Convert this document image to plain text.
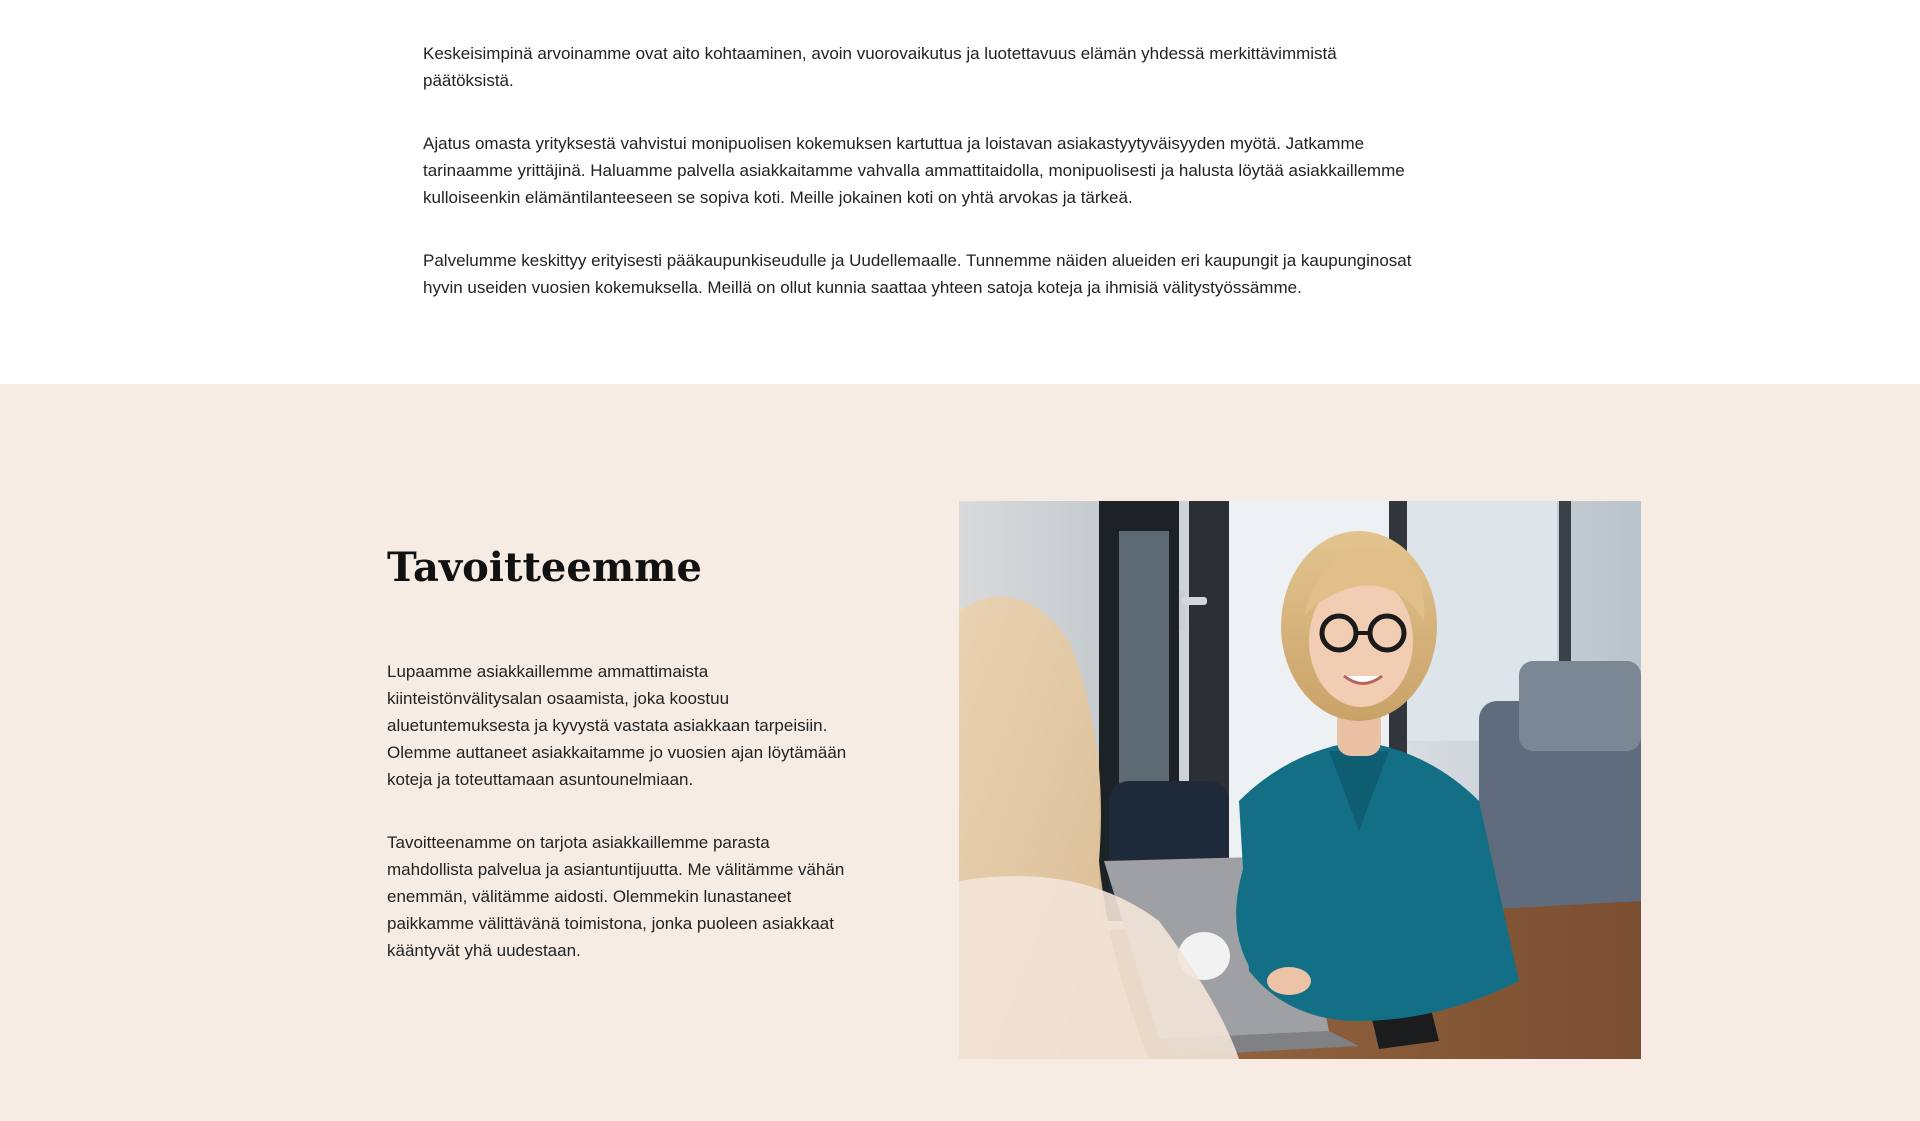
Keskeisimpinä arvoinamme ovat aito kohtaaminen, avoin vuorovaikutus ja luotettavuus elämän yhdessä merkittävimmistä päätöksistä.

Ajatus omasta yrityksestä vahvistui monipuolisen kokemuksen kartuttua ja loistavan asiakastyytyväisyyden myötä. Jatkamme tarinaamme yrittäjinä. Haluamme palvella asiakkaitamme vahvalla ammattitaidolla, monipuolisesti ja halusta löytää asiakkaillemme kulloiseenkin elämäntilanteeseen se sopiva koti. Meille jokainen koti on yhtä arvokas ja tärkeä.

Palvelumme keskittyy erityisesti pääkaupunkiseudulle ja Uudellemaalle. Tunnemme näiden alueiden eri kaupungit ja kaupunginosat hyvin useiden vuosien kokemuksella. Meillä on ollut kunnia saattaa yhteen satoja koteja ja ihmisiä välitystyössämme.

Tavoitteemme

Lupaamme asiakkaillemme ammattimaista kiinteistönvälitysalan osaamista, joka koostuu aluetuntemuksesta ja kyvystä vastata asiakkaan tarpeisiin. Olemme auttaneet asiakkaitamme jo vuosien ajan löytämään koteja ja toteuttamaan asuntounelmiaan.

Tavoitteenamme on tarjota asiakkaillemme parasta mahdollista palvelua ja asiantuntijuutta. Me välitämme vähän enemmän, välitämme aidosti. Olemmekin lunastaneet paikkamme välittävänä toimistona, jonka puoleen asiakkaat kääntyvät yhä uudestaan.
